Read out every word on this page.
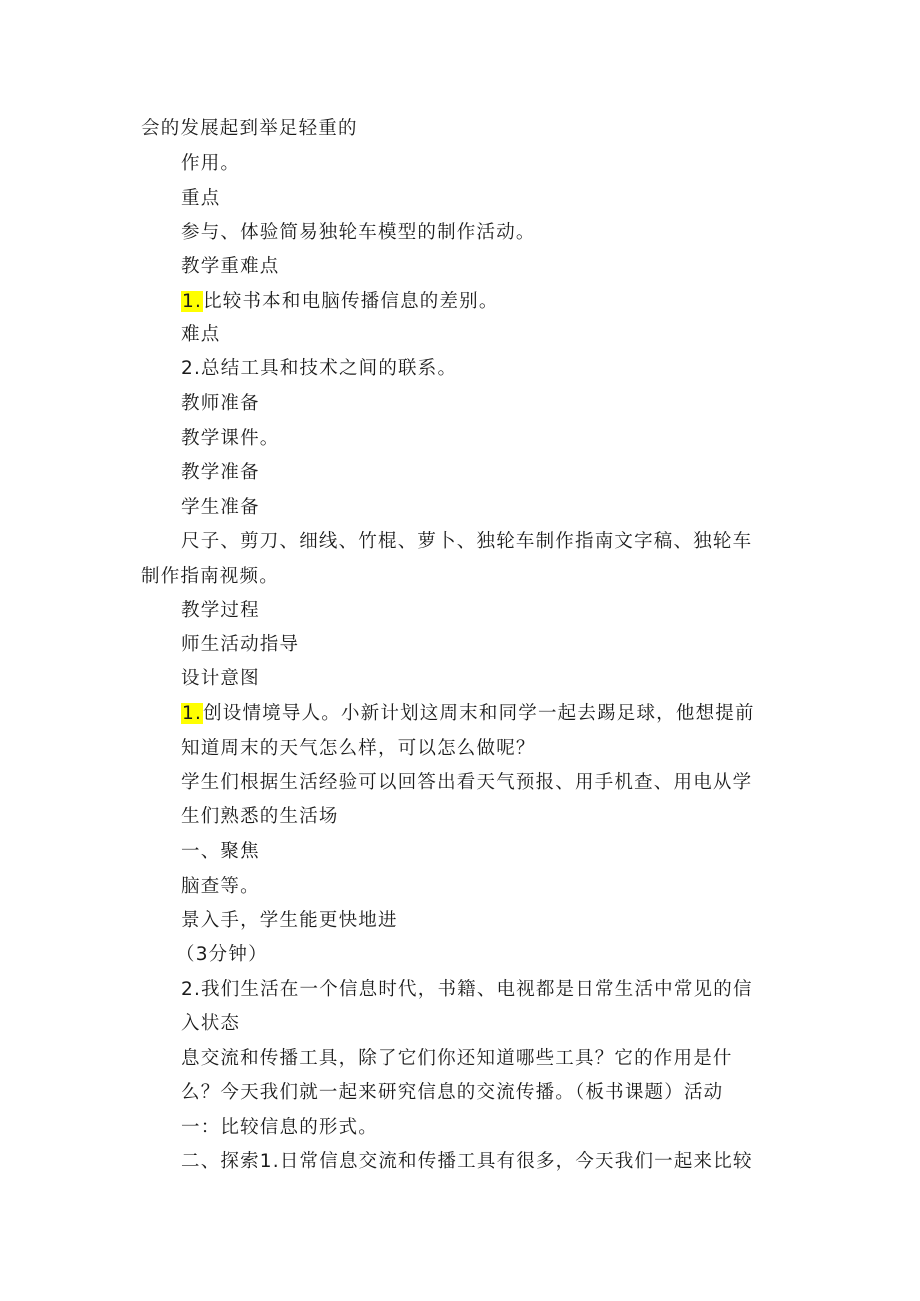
会的发展起到举足轻重的
作用。
重点
参与、体验简易独轮车模型的制作活动。
教学重难点
1.比较书本和电脑传播信息的差别。
难点
2.总结工具和技术之间的联系。
教师准备
教学课件。
教学准备
学生准备
尺子、剪刀、细线、竹棍、萝卜、独轮车制作指南文字稿、独轮车
制作指南视频。
教学过程
师生活动指导
设计意图
1.创设情境导人。小新计划这周末和同学一起去踢足球，他想提前
知道周末的天气怎么样，可以怎么做呢？
学生们根据生活经验可以回答出看天气预报、用手机查、用电从学
生们熟悉的生活场
一、聚焦
脑查等。
景入手，学生能更快地进
（3分钟）
2.我们生活在一个信息时代，书籍、电视都是日常生活中常见的信
入状态
息交流和传播工具，除了它们你还知道哪些工具？它的作用是什
么？今天我们就一起来研究信息的交流传播。（板书课题）活动
一：比较信息的形式。
二、探索1.日常信息交流和传播工具有很多，今天我们一起来比较
